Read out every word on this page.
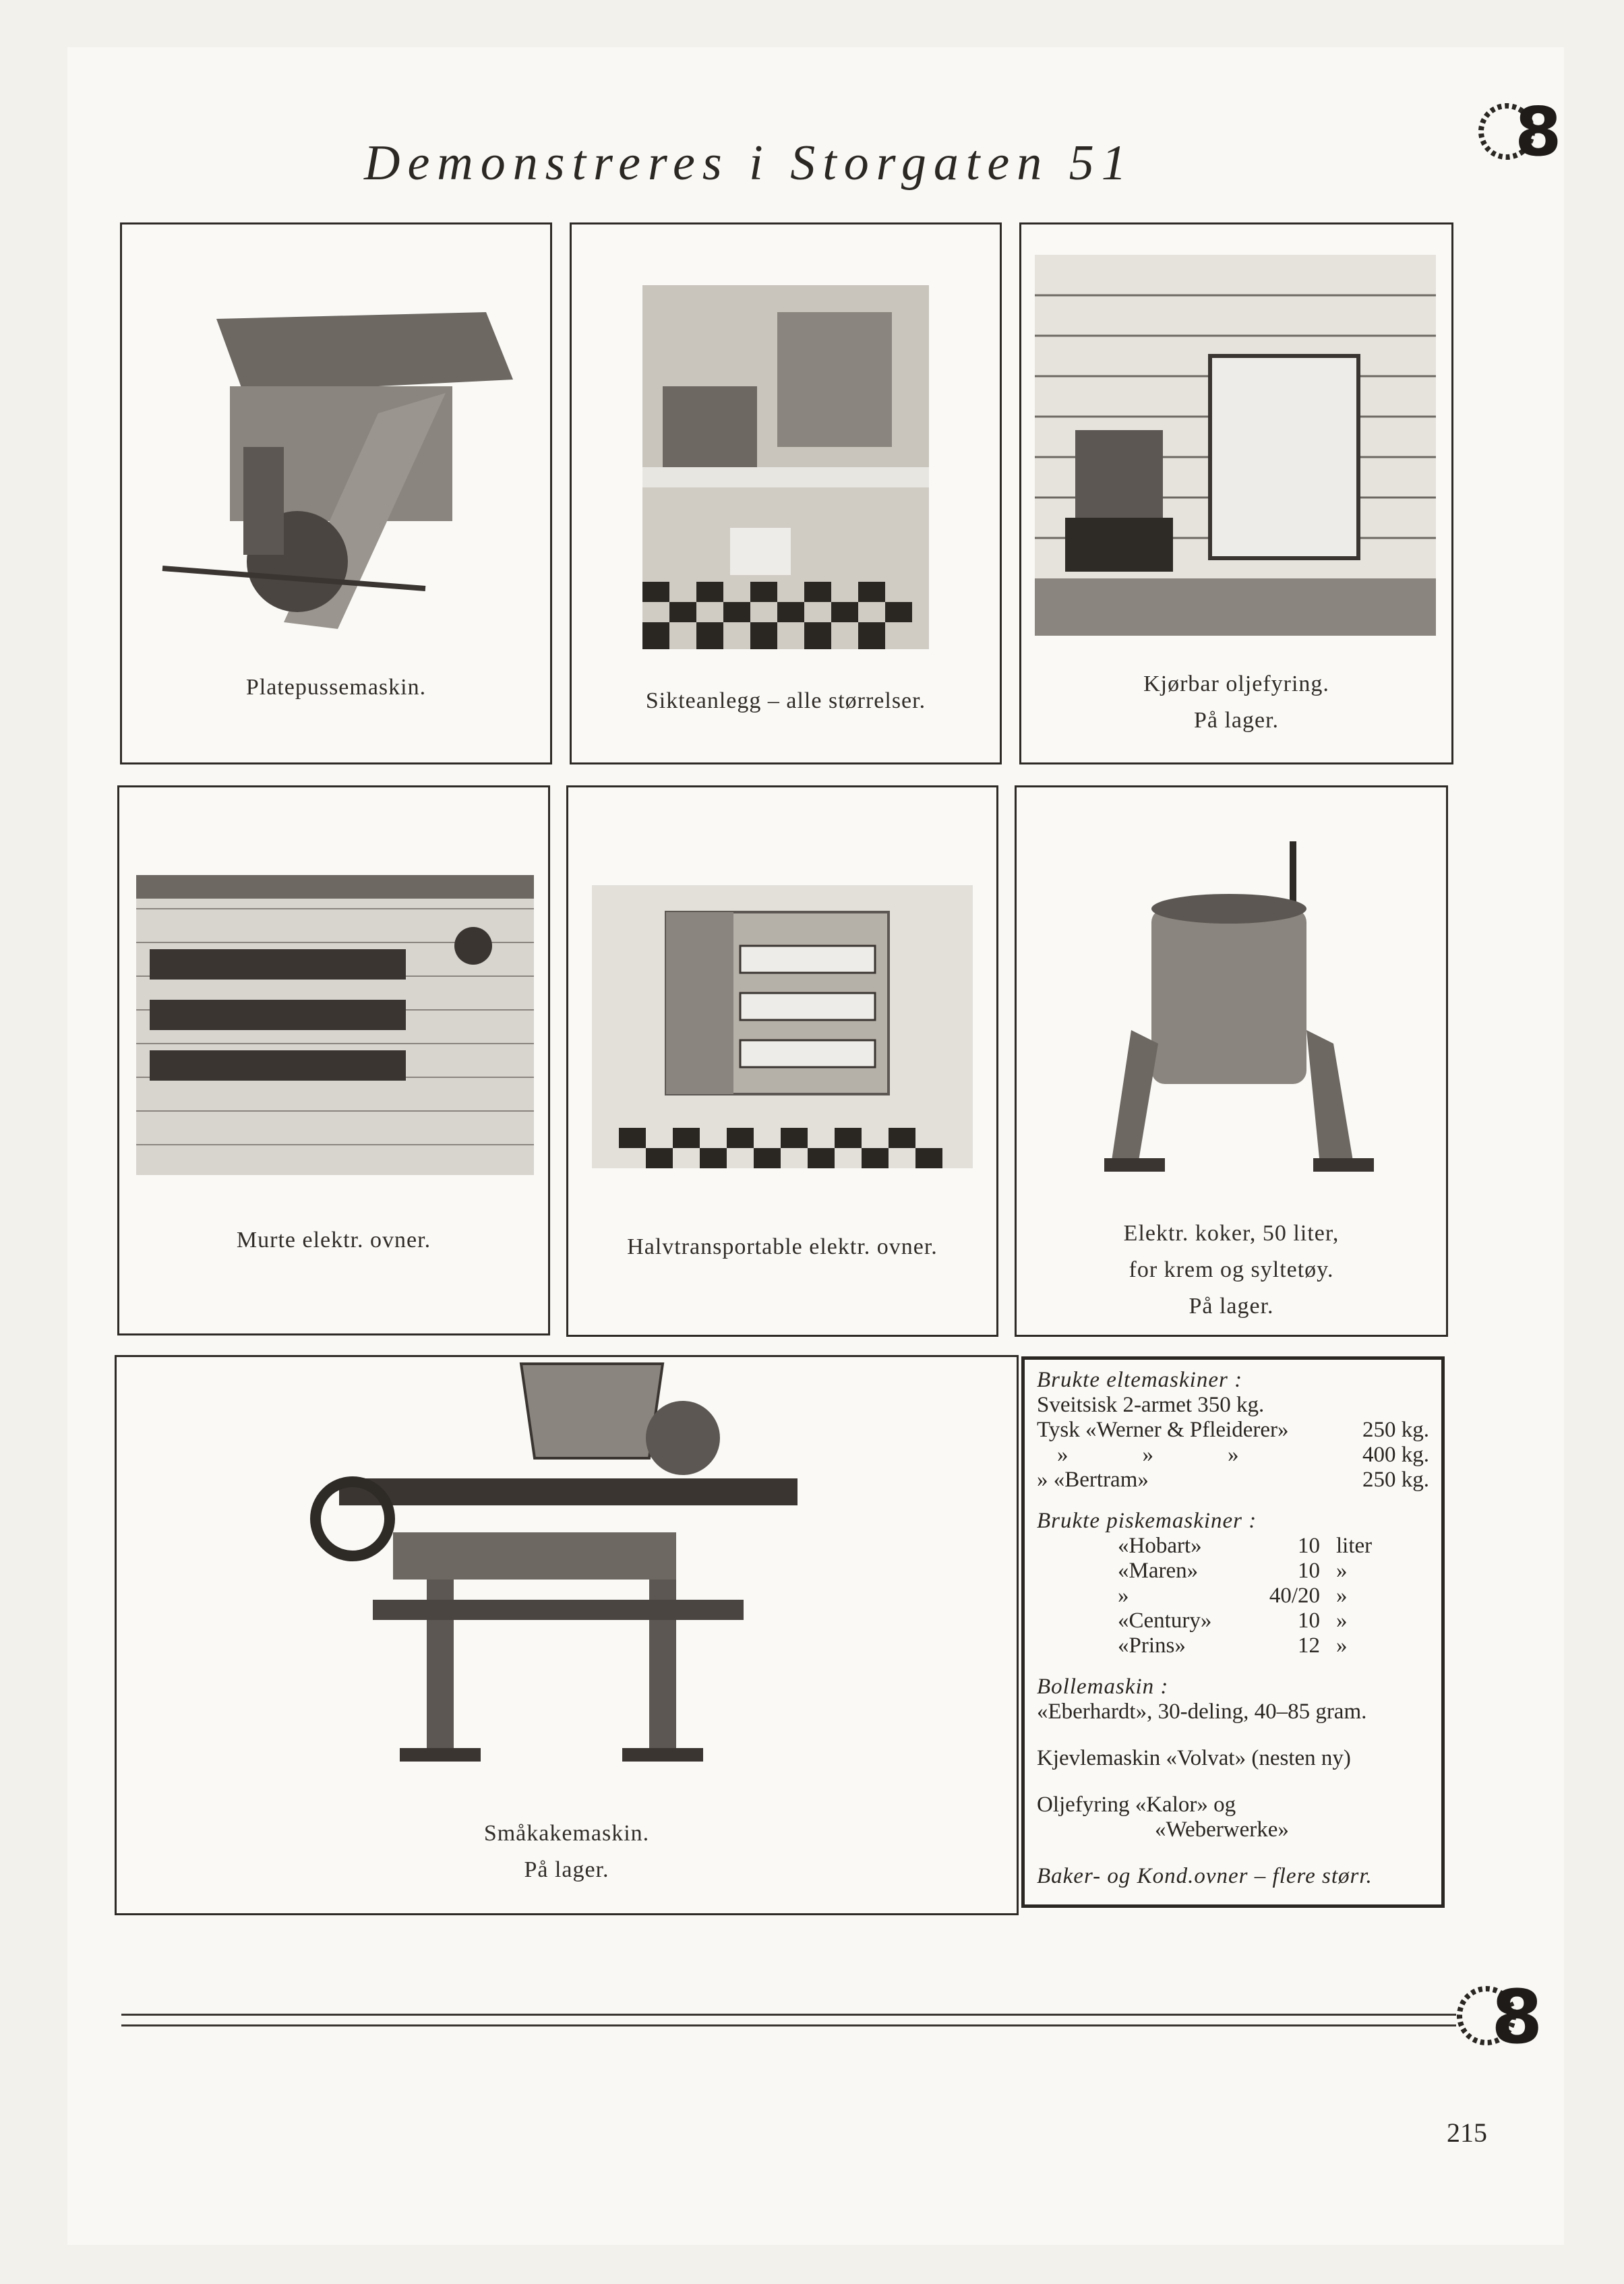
Demonstreres i Storgaten 51	8
Platepussemaskin.
Sikteanlegg – alle størrelser.
Kjørbar oljefyring.
På lager.
Murte elektr. ovner.	Halvtransportable elektr. ovner.
Elektr. koker, 50 liter,
for krem og syltetøy.
På lager.
Småkakemaskin.
På lager.
Brukte eltemaskiner :
Sveitsisk 2-armet 350 kg.
Tysk «Werner & Pfleiderer»	250 kg.
»	»	»	400 kg.
» «Bertram»	250 kg.
Brukte piskemaskiner :
«Hobart»	10 liter
«Maren»	10 »
»	40/20 »
«Century»	10 »
«Prins»	12 »
Bollemaskin :
«Eberhardt», 30-deling, 40–85 gram.
Kjevlemaskin «Volvat» (nesten ny)
Oljefyring «Kalor» og
«Weberwerke»
Baker- og Kond.ovner – flere størr.
8
215
